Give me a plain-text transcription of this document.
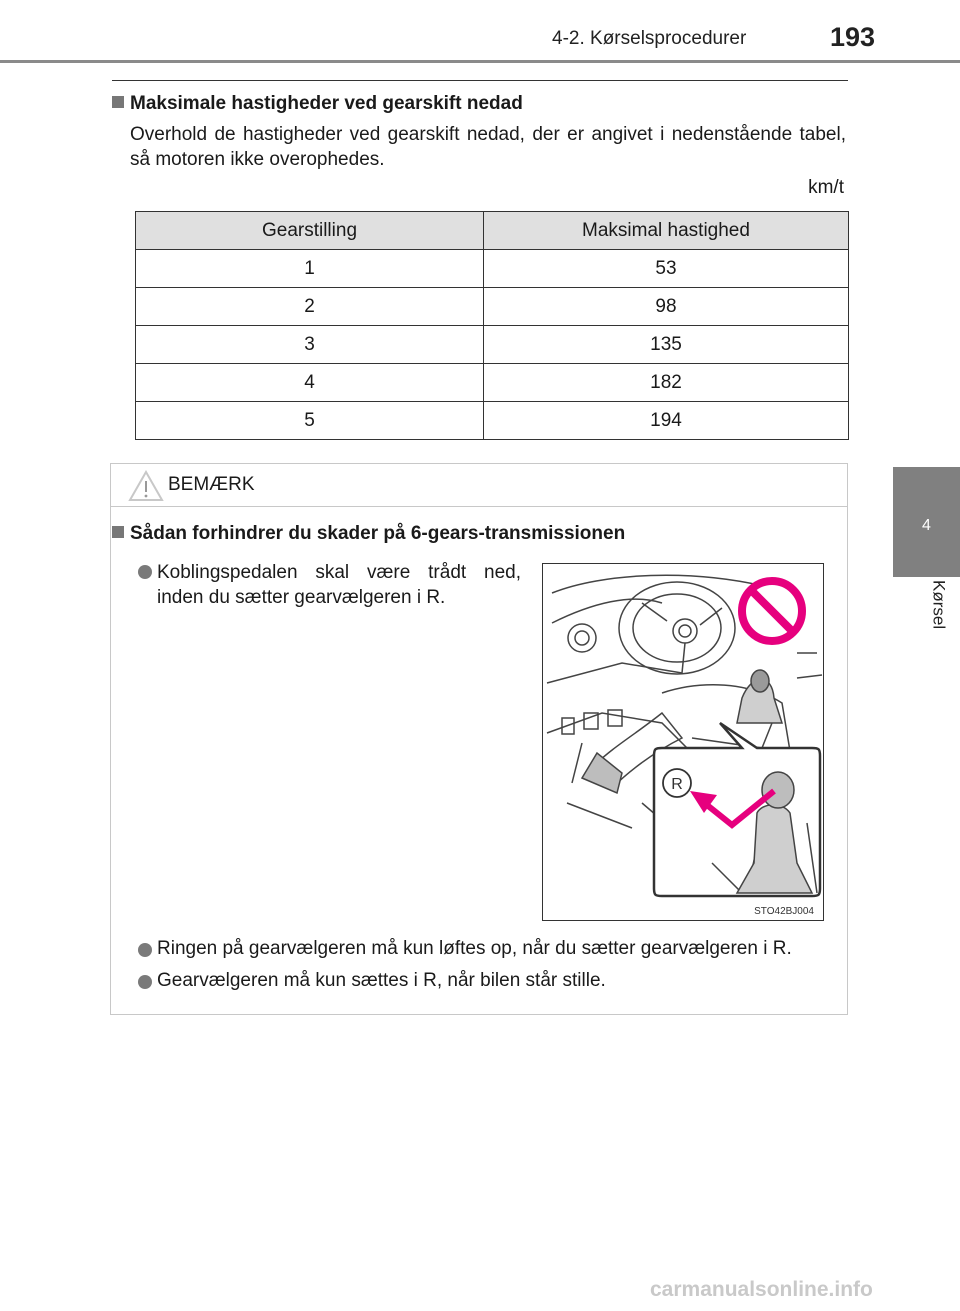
4-2. Kørselsprocedurer	193
4
Kørsel
Maksimale hastigheder ved gearskift nedad
Overhold de hastigheder ved gearskift nedad, der er angivet i nedenstående tabel, så motoren ikke overophedes.
km/t
Gearstilling	Maksimal hastighed
1	53
2	98
3	135
4	182
5	194
BEMÆRK
Sådan forhindrer du skader på 6-gears-transmissionen
Koblingspedalen skal være trådt ned, inden du sætter gearvælgeren i R.
R
STO42BJ004
Ringen på gearvælgeren må kun løftes op, når du sætter gearvælgeren i R.
Gearvælgeren må kun sættes i R, når bilen står stille.
carmanualsonline.info
